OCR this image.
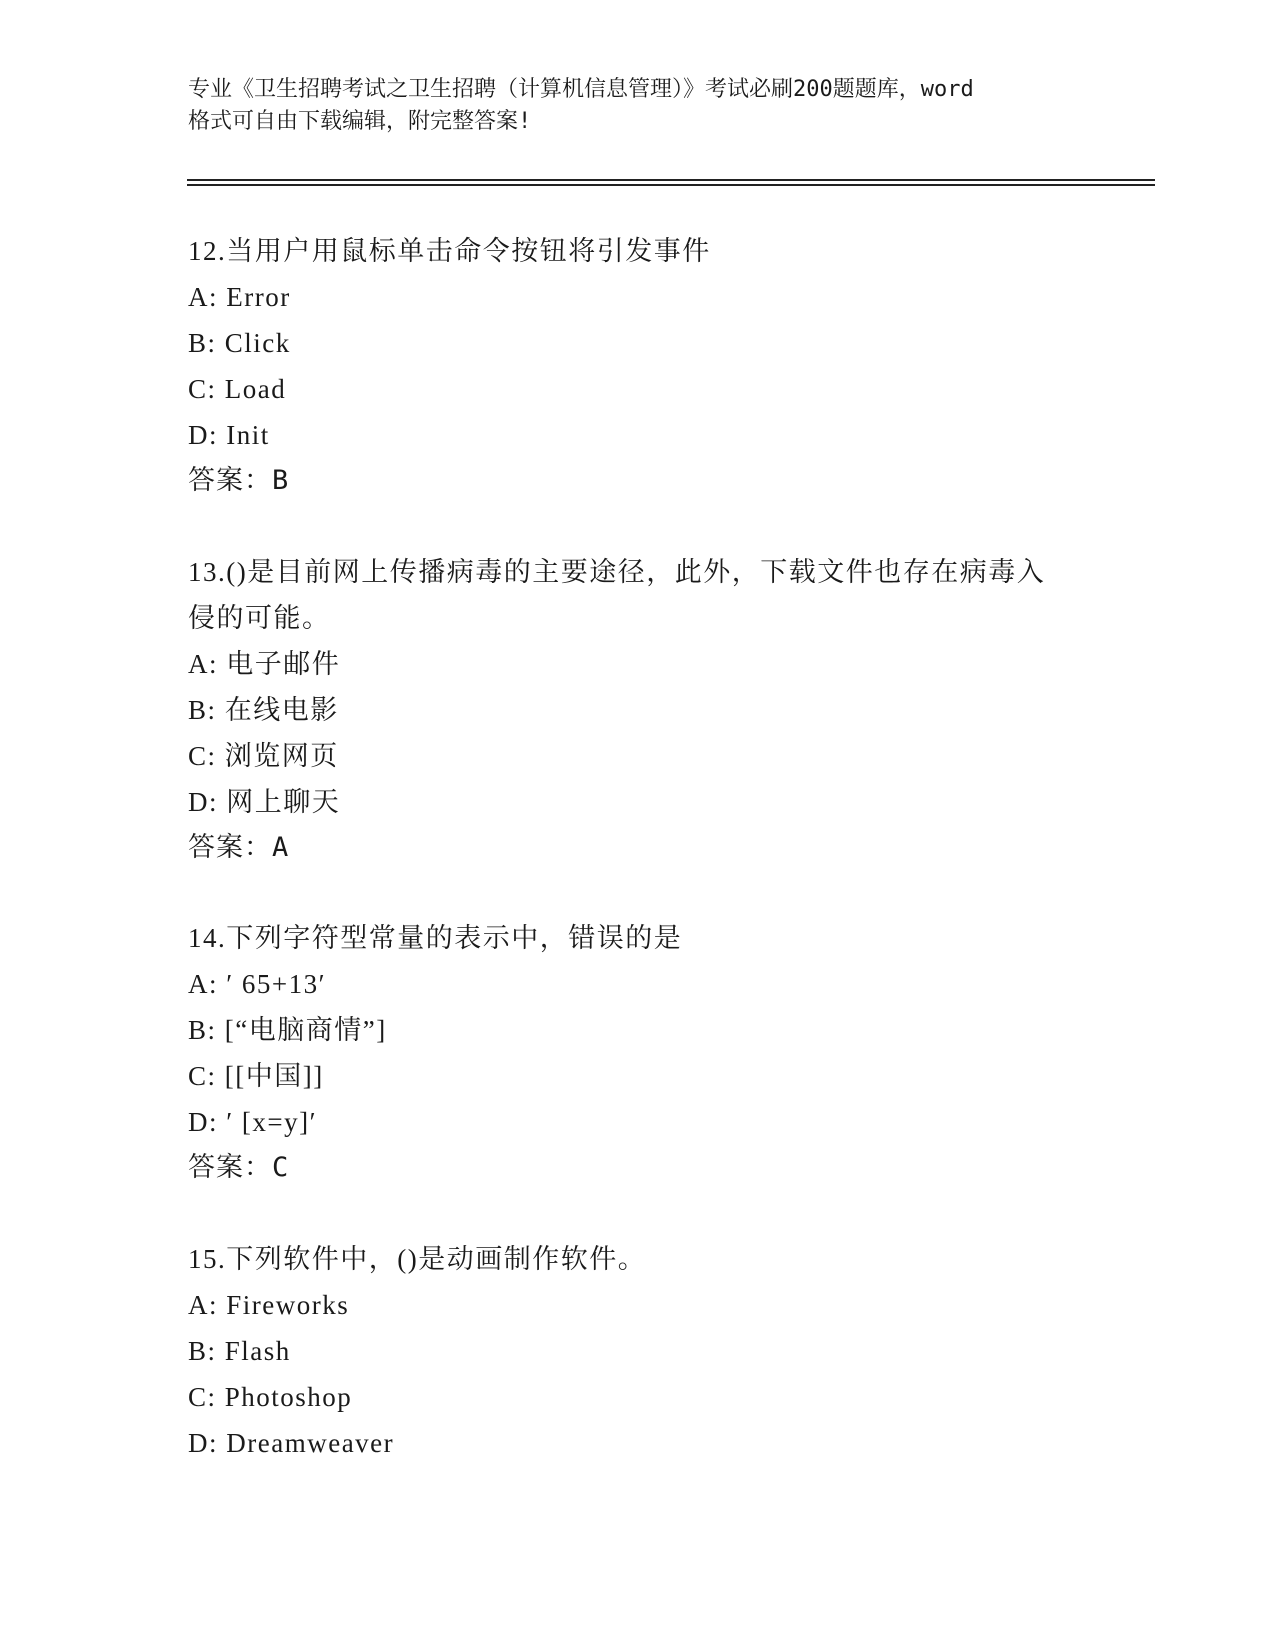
专业《卫生招聘考试之卫生招聘（计算机信息管理）》考试必刷200题题库，word
格式可自由下载编辑，附完整答案!
12.当用户用鼠标单击命令按钮将引发事件
A: Error
B: Click
C: Load
D: Init
答案：B
13.()是目前网上传播病毒的主要途径，此外，下载文件也存在病毒入
侵的可能。
A: 电子邮件
B: 在线电影
C: 浏览网页
D: 网上聊天
答案：A
14.下列字符型常量的表示中，错误的是
A: ′ 65+13′
B: [“电脑商情”]
C: [[中国]]
D: ′ [x=y]′
答案：C
15.下列软件中，()是动画制作软件。
A: Fireworks
B: Flash
C: Photoshop
D: Dreamweaver
